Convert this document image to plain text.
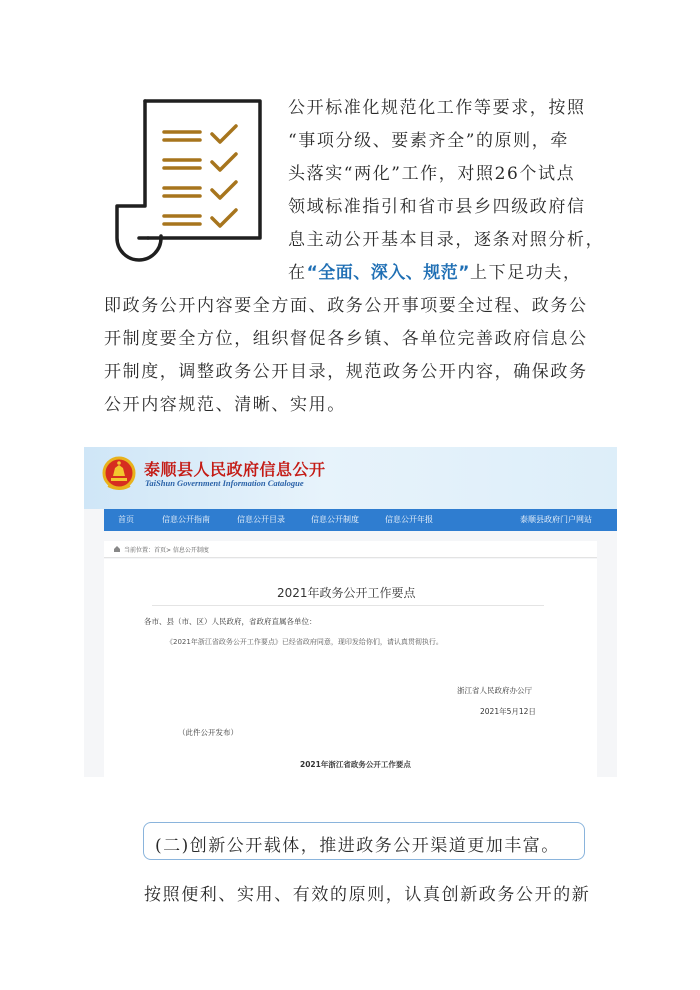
公开标准化规范化工作等要求，按照
“事项分级、要素齐全”的原则，牵
头落实“两化”工作，对照26个试点
领域标准指引和省市县乡四级政府信
息主动公开基本目录，逐条对照分析，
在“全面、深入、规范”上下足功夫，
即政务公开内容要全方面、政务公开事项要全过程、政务公
开制度要全方位，组织督促各乡镇、各单位完善政府信息公
开制度，调整政务公开目录，规范政务公开内容，确保政务
公开内容规范、清晰、实用。
泰顺县人民政府信息公开
TaiShun Government Information Catalogue
首页	信息公开指南	信息公开目录	信息公开制度	信息公开年报	泰顺县政府门户网站
当前位置：首页> 信息公开制度
2021年政务公开工作要点
各市、县（市、区）人民政府，省政府直属各单位：
《2021年浙江省政务公开工作要点》已经省政府同意，现印发给你们，请认真贯彻执行。
浙江省人民政府办公厅
2021年5月12日
（此件公开发布）
2021年浙江省政务公开工作要点
(二)创新公开载体，推进政务公开渠道更加丰富。
按照便利、实用、有效的原则，认真创新政务公开的新
